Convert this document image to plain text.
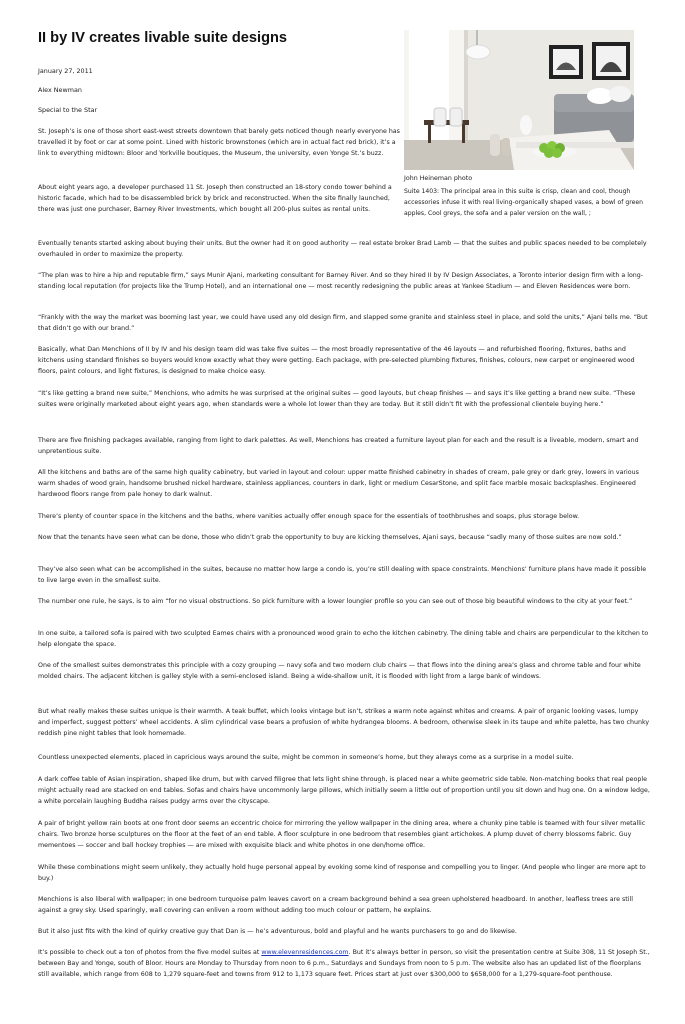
II by IV creates livable suite designs

January 27, 2011

Alex Newman

Special to the Star

John Heineman photo

Suite 1403: The principal area in this suite is crisp, clean and cool, though accessories infuse it with real living-organically shaped vases, a bowl of green apples, Cool greys, the sofa and a paler version on the wall, ;

St. Joseph’s is one of those short east-west streets downtown that barely gets noticed though nearly everyone has travelled it by foot or car at some point. Lined with historic brownstones (which are in actual fact red brick), it’s a link to everything midtown: Bloor and Yorkville boutiques, the Museum, the university, even Yonge St.’s buzz.

About eight years ago, a developer purchased 11 St. Joseph then constructed an 18-story condo tower behind a historic facade, which had to be disassembled brick by brick and reconstructed. When the site finally launched, there was just one purchaser, Barney River Investments, which bought all 200-plus suites as rental units.

Eventually tenants started asking about buying their units. But the owner had it on good authority — real estate broker Brad Lamb — that the suites and public spaces needed to be completely overhauled in order to maximize the property.

“The plan was to hire a hip and reputable firm,” says Munir Ajani, marketing consultant for Barney River. And so they hired II by IV Design Associates, a Toronto interior design firm with a long-standing local reputation (for projects like the Trump Hotel), and an international one — most recently redesigning the public areas at Yankee Stadium — and Eleven Residences were born.

“Frankly with the way the market was booming last year, we could have used any old design firm, and slapped some granite and stainless steel in place, and sold the units,” Ajani tells me. “But that didn’t go with our brand.”

Basically, what Dan Menchions of II by IV and his design team did was take five suites — the most broadly representative of the 46 layouts — and refurbished flooring, fixtures, baths and kitchens using standard finishes so buyers would know exactly what they were getting. Each package, with pre-selected plumbing fixtures, finishes, colours, new carpet or engineered wood floors, paint colours, and light fixtures, is designed to make choice easy.

“It’s like getting a brand new suite,” Menchions, who admits he was surprised at the original suites — good layouts, but cheap finishes — and says it’s like getting a brand new suite. “These suites were originally marketed about eight years ago, when standards were a whole lot lower than they are today. But it still didn’t fit with the professional clientele buying here.”

There are five finishing packages available, ranging from light to dark palettes. As well, Menchions has created a furniture layout plan for each and the result is a liveable, modern, smart and unpretentious suite.

All the kitchens and baths are of the same high quality cabinetry, but varied in layout and colour: upper matte finished cabinetry in shades of cream, pale grey or dark grey, lowers in various warm shades of wood grain, handsome brushed nickel hardware, stainless appliances, counters in dark, light or medium CesarStone, and split face marble mosaic backsplashes. Engineered hardwood floors range from pale honey to dark walnut.

There’s plenty of counter space in the kitchens and the baths, where vanities actually offer enough space for the essentials of toothbrushes and soaps, plus storage below.

Now that the tenants have seen what can be done, those who didn’t grab the opportunity to buy are kicking themselves, Ajani says, because “sadly many of those suites are now sold.”

They’ve also seen what can be accomplished in the suites, because no matter how large a condo is, you’re still dealing with space constraints. Menchions’ furniture plans have made it possible to live large even in the smallest suite.

The number one rule, he says, is to aim “for no visual obstructions. So pick furniture with a lower loungier profile so you can see out of those big beautiful windows to the city at your feet.”

In one suite, a tailored sofa is paired with two sculpted Eames chairs with a pronounced wood grain to echo the kitchen cabinetry. The dining table and chairs are perpendicular to the kitchen to help elongate the space.

One of the smallest suites demonstrates this principle with a cozy grouping — navy sofa and two modern club chairs — that flows into the dining area’s glass and chrome table and four white molded chairs. The adjacent kitchen is galley style with a semi-enclosed island. Being a wide-shallow unit, it is flooded with light from a large bank of windows.

But what really makes these suites unique is their warmth. A teak buffet, which looks vintage but isn’t, strikes a warm note against whites and creams. A pair of organic looking vases, lumpy and imperfect, suggest potters’ wheel accidents. A slim cylindrical vase bears a profusion of white hydrangea blooms. A bedroom, otherwise sleek in its taupe and white palette, has two chunky reddish pine night tables that look homemade.

Countless unexpected elements, placed in capricious ways around the suite, might be common in someone’s home, but they always come as a surprise in a model suite.

A dark coffee table of Asian inspiration, shaped like drum, but with carved filigree that lets light shine through, is placed near a white geometric side table. Non-matching books that real people might actually read are stacked on end tables. Sofas and chairs have uncommonly large pillows, which initially seem a little out of proportion until you sit down and hug one. On a window ledge, a white porcelain laughing Buddha raises pudgy arms over the cityscape.

A pair of bright yellow rain boots at one front door seems an eccentric choice for mirroring the yellow wallpaper in the dining area, where a chunky pine table is teamed with four silver metallic chairs. Two bronze horse sculptures on the floor at the feet of an end table. A floor sculpture in one bedroom that resembles giant artichokes. A plump duvet of cherry blossoms fabric. Guy mementoes — soccer and ball hockey trophies — are mixed with exquisite black and white photos in one den/home office.

While these combinations might seem unlikely, they actually hold huge personal appeal by evoking some kind of response and compelling you to linger. (And people who linger are more apt to buy.)

Menchions is also liberal with wallpaper; in one bedroom turquoise palm leaves cavort on a cream background behind a sea green upholstered headboard. In another, leafless trees are still against a grey sky. Used sparingly, wall covering can enliven a room without adding too much colour or pattern, he explains.

But it also just fits with the kind of quirky creative guy that Dan is — he’s adventurous, bold and playful and he wants purchasers to go and do likewise.

It’s possible to check out a ton of photos from the five model suites at www.elevenresidences.com. But it’s always better in person, so visit the presentation centre at Suite 308, 11 St Joseph St., between Bay and Yonge, south of Bloor. Hours are Monday to Thursday from noon to 6 p.m., Saturdays and Sundays from noon to 5 p.m. The website also has an updated list of the floorplans still available, which range from 608 to 1,279 square-feet and towns from 912 to 1,173 square feet. Prices start at just over $300,000 to $658,000 for a 1,279-square-foot penthouse.
